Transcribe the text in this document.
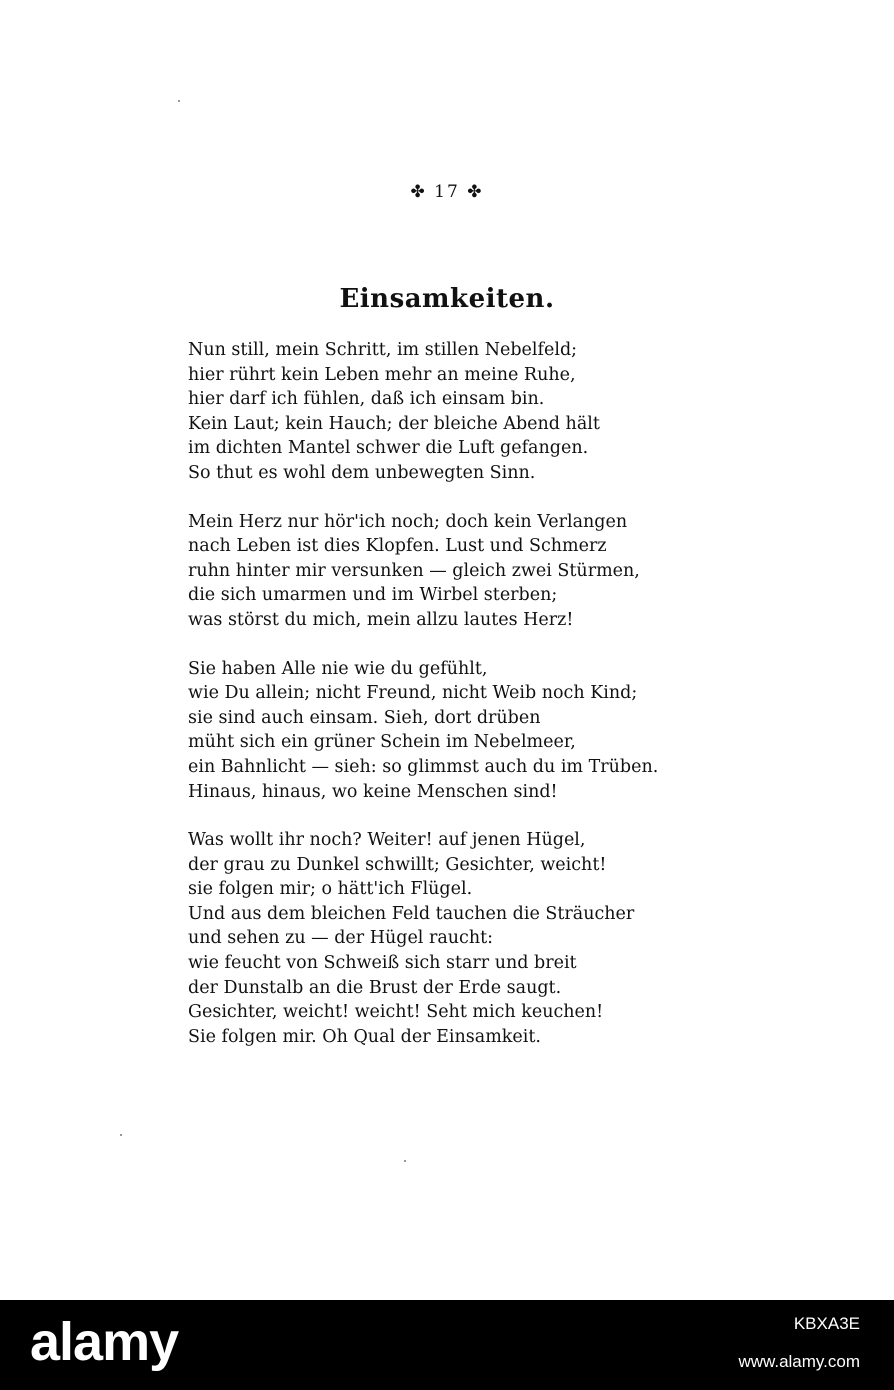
✤ 17 ✤
Einsamkeiten.
Nun still, mein Schritt, im stillen Nebelfeld;
hier rührt kein Leben mehr an meine Ruhe,
hier darf ich fühlen, daß ich einsam bin.
Kein Laut; kein Hauch; der bleiche Abend hält
im dichten Mantel schwer die Luft gefangen.
So thut es wohl dem unbewegten Sinn.
Mein Herz nur hör'ich noch; doch kein Verlangen
nach Leben ist dies Klopfen. Lust und Schmerz
ruhn hinter mir versunken — gleich zwei Stürmen,
die sich umarmen und im Wirbel sterben;
was störst du mich, mein allzu lautes Herz!
Sie haben Alle nie wie du gefühlt,
wie Du allein; nicht Freund, nicht Weib noch Kind;
sie sind auch einsam. Sieh, dort drüben
müht sich ein grüner Schein im Nebelmeer,
ein Bahnlicht — sieh: so glimmst auch du im Trüben.
Hinaus, hinaus, wo keine Menschen sind!
Was wollt ihr noch? Weiter! auf jenen Hügel,
der grau zu Dunkel schwillt; Gesichter, weicht!
sie folgen mir; o hätt'ich Flügel.
Und aus dem bleichen Feld tauchen die Sträucher
und sehen zu — der Hügel raucht:
wie feucht von Schweiß sich starr und breit
der Dunstalb an die Brust der Erde saugt.
Gesichter, weicht! weicht! Seht mich keuchen!
Sie folgen mir. Oh Qual der Einsamkeit.
alamy	KBXA3E
www.alamy.com
